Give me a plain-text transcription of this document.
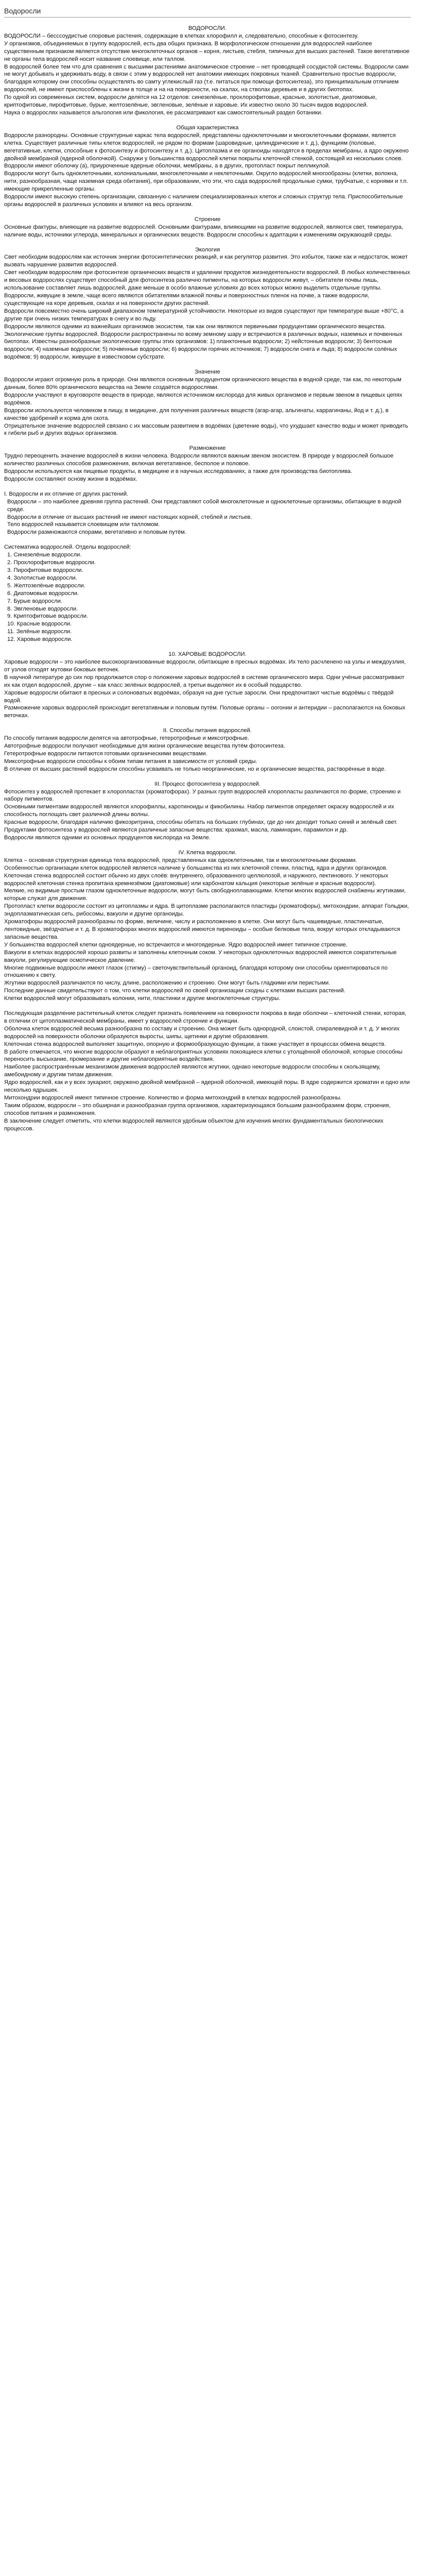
Водоросли

ВОДОРОСЛИ.

ВОДОРОСЛИ – бесссоудистые споровые растения, содержащие в клетках хлорофилл и, следовательно, способные к фотосинтезу.

У организмов, объединяемых в группу водорослей, есть два общих признака. В морфологическом отношении для водорослей наиболее существенным признаком является отсутствие многоклеточных органов – корня, листьев, стебля, типичных для высших растений. Такое вегетативное не органы тела водорослей носит название слоевище, или таллом.

В водорослей более тем что для сравнения с высшими растениями анатомическое строение – нет проводящей сосудистой системы. Водоросли сами не могут добывать и удерживать воду, в связи с этим у водорослей нет анатомии имеющих покровных тканей. Сравнительно простые водоросли, благодаря которому они способны осуществлять во самту углекислый газ (т.е. питаться при помощи фотосинтеза), это принципиальным отличием водорослей, не имеют приспособлены к жизни в толще и на на поверхности, на скалах, на стволах деревьев и в других биотопах.

По одной из современных систем, водоросли делятся на 12 отделов: синезелёные, прохлорофитовые, красные, золотистые, диатомовые, криптофитовые, пирофитовые, бурые, желтозелёные, эвгленовые, зелёные и харовые. Их известно около 30 тысяч видов водорослей.

Наука о водорослях называется альгология или фикология, ее рассматривают как самостоятельный раздел ботаники.

Общая характеристика

Водоросли разнородны. Основные структурные каркас тела водорослей, представлены одноклеточными и многоклеточными формами, является клетка. Существует различные типы клеток водорослей, не рядом по формам (шаровидные, цилиндрические и т. д.), функциям (половые, вегетативные, клетки, способные к фотосинтезу и фотосинтезу и т. д.). Цитоплазма и ее органоиды находятся в пределах мембраны, а ядро окружено двойной мембраной (ядерной оболочкой). Снаружи у большинства водорослей клетки покрыты клеточной стенкой, состоящей из нескольких слоев. Водоросли имеют оболочку (а), приуроченные ядерные оболочки, мембраны, а в других, протопласт покрыт пелликулой.

Водоросли могут быть одноклеточными, колониальными, многоклеточными и неклеточными. Округло водорослей многообразны (клетки, волокна, нити, разнообразная, чаще наземная среда обитания), при образовании, что эти, что сада водорослей продольные сумки, трубчатые, с корнями и т.п. имеющие прикрепленные органы.

Водоросли имеют высокую степень организации, связанную с наличием специализированных клеток и сложных структур тела. Приспособительные органы водорослей в различных условиях и влияют на весь организм.

Строение

Основные фактуры, влияющие на развитие водорослей. Основными фактурами, влияющими на развитие водорослей, являются свет, температура, наличие воды, источники углерода, минеральных и органических веществ. Водоросли способны к адаптации к изменениям окружающей среды.

Экология

Свет необходим водорослям как источник энергии фотосинтетических реакций, и как регулятор развития. Это избыток, также как и недостаток, может вызвать нарушение развития водорослей.

Свет необходим водорослям при фотосинтезе органических веществ и удалении продуктов жизнедеятельности водорослей. В любых количественных и весовых водорослях существует способный для фотосинтеза различно пигменты, на которых водоросли живут, – обитатели почвы лишь, использование составляет лишь водорослей, даже меньше в особо влажные условиях до всех которых можно выделить отдельные группы.

Водоросли, живущие в земле, чаще всего являются обитателями влажной почвы и поверхностных пленок на почве, а также водоросли, существующие на коре деревьев, скалах и на поверхности других растений.

Водоросли повсеместно очень широкий диапазоном температурной устойчивости. Некоторые из видов существуют при температуре выше +80°С, а другие при очень низких температурах в снегу и во льду.

Водоросли являются одними из важнейших организмов экосистем, так как они являются первичными продуцентами органического вещества.

Экологические группы водорослей. Водоросли распространены по всему земному шару и встречаются в различных водных, наземных и почвенных биотопах. Известны разнообразные экологические группы этих организмов: 1) планктонные водоросли; 2) нейстонные водоросли; 3) бентосные водоросли; 4) наземные водоросли; 5) почвенные водоросли; 6) водоросли горячих источников; 7) водоросли снега и льда; 8) водоросли солёных водоёмов; 9) водоросли, живущие в известковом субстрате.

Значение

Водоросли играют огромную роль в природе. Они являются основным продуцентом органического вещества в водной среде, так как, по некоторым данным, более 80% органического вещества на Земле создаётся водорослями.

Водоросли участвуют в круговороте веществ в природе, являются источником кислорода для живых организмов и первым звеном в пищевых цепях водоёмов.

Водоросли используются человеком в пищу, в медицине, для получения различных веществ (агар-агар, альгинаты, каррагинаны, йод и т. д.), в качестве удобрений и корма для скота.

Отрицательное значение водорослей связано с их массовым развитием в водоёмах (цветение воды), что ухудшает качество воды и может приводить к гибели рыб и других водных организмов.

Размножение

Трудно переоценить значение водорослей в жизни человека. Водоросли являются важным звеном экосистем. В природе у водорослей большое количество различных способов размножения, включая вегетативное, бесполое и половое.

Водоросли используются как пищевые продукты, в медицине и в научных исследованиях, а также для производства биотоплива.

Водоросли составляют основу жизни в водоёмах.

I. Водоросли и их отличие от других растений.

Водоросли – это наиболее древняя группа растений. Они представляют собой многоклеточные и одноклеточные организмы, обитающие в водной среде.

Водоросли в отличие от высших растений не имеют настоящих корней, стеблей и листьев.

Тело водорослей называется слоевищем или талломом.

Водоросли размножаются спорами, вегетативно и половым путём.

Систематика водорослей. Отделы водорослей:

1. Синезелёные водоросли.

2. Прохлорофитовые водоросли.

3. Пирофитовые водоросли.

4. Золотистые водоросли.

5. Желтозелёные водоросли.

6. Диатомовые водоросли.

7. Бурые водоросли.

8. Эвгленовые водоросли.

9. Криптофитовые водоросли.

10. Красные водоросли.

11. Зелёные водоросли.

12. Харовые водоросли.

10. ХАРОВЫЕ ВОДОРОСЛИ.

Харовые водоросли – это наиболее высокоорганизованные водоросли, обитающие в пресных водоёмах. Их тело расчленено на узлы и междоузлия, от узлов отходят мутовки боковых веточек.

В научной литературе до сих пор продолжается спор о положении харовых водорослей в системе органического мира. Одни учёные рассматривают их как отдел водорослей, другие – как класс зелёных водорослей, а третьи выделяют их в особый подцарство.

Харовые водоросли обитают в пресных и солоноватых водоёмах, образуя на дне густые заросли. Они предпочитают чистые водоёмы с твёрдой водой.

Размножение харовых водорослей происходит вегетативным и половым путём. Половые органы – оогонии и антеридии – располагаются на боковых веточках.

II. Способы питания водорослей.

По способу питания водоросли делятся на автотрофные, гетеротрофные и миксотрофные.

Автотрофные водоросли получают необходимые для жизни органические вещества путём фотосинтеза.

Гетеротрофные водоросли питаются готовыми органическими веществами.

Миксотрофные водоросли способны к обоим типам питания в зависимости от условий среды.

В отличие от высших растений водоросли способны усваивать не только неорганические, но и органические вещества, растворённые в воде.

III. Процесс фотосинтеза у водорослей.

Фотосинтез у водорослей протекает в хлоропластах (хроматофорах). У разных групп водорослей хлоропласты различаются по форме, строению и набору пигментов.

Основными пигментами водорослей являются хлорофиллы, каротиноиды и фикобилины. Набор пигментов определяет окраску водорослей и их способность поглощать свет различной длины волны.

Красные водоросли, благодаря наличию фикоэритрина, способны обитать на больших глубинах, где до них доходит только синий и зелёный свет.

Продуктами фотосинтеза у водорослей являются различные запасные вещества: крахмал, масла, ламинарин, парамилон и др.

Водоросли являются одними из основных продуцентов кислорода на Земле.

IV. Клетка водоросли.

Клетка – основная структурная единица тела водорослей, представленных как одноклеточными, так и многоклеточными формами.

Особенностью организации клеток водорослей является наличие у большинства из них клеточной стенки, пластид, ядра и других органоидов.

Клеточная стенка водорослей состоит обычно из двух слоёв: внутреннего, образованного целлюлозой, и наружного, пектинового. У некоторых водорослей клеточная стенка пропитана кремнезёмом (диатомовые) или карбонатом кальция (некоторые зелёные и красные водоросли).

Мелкие, но видимые простым глазом одноклеточные водоросли, могут быть свободноплавающими. Клетки многих водорослей снабжены жгутиками, которые служат для движения.

Протопласт клетки водоросли состоит из цитоплазмы и ядра. В цитоплазме располагаются пластиды (хроматофоры), митохондрии, аппарат Гольджи, эндоплазматическая сеть, рибосомы, вакуоли и другие органоиды.

Хроматофоры водорослей разнообразны по форме, величине, числу и расположению в клетке. Они могут быть чашевидные, пластинчатые, лентовидные, звёздчатые и т. д. В хроматофорах многих водорослей имеются пиреноиды – особые белковые тела, вокруг которых откладываются запасные вещества.

У большинства водорослей клетки одноядерные, но встречаются и многоядерные. Ядро водорослей имеет типичное строение.

Вакуоли в клетках водорослей хорошо развиты и заполнены клеточным соком. У некоторых одноклеточных водорослей имеются сократительные вакуоли, регулирующие осмотическое давление.

Многие подвижные водоросли имеют глазок (стигму) – светочувствительный органоид, благодаря которому они способны ориентироваться по отношению к свету.

Жгутики водорослей различаются по числу, длине, расположению и строению. Они могут быть гладкими или перистыми.

Последние данные свидетельствуют о том, что клетки водорослей по своей организации сходны с клетками высших растений.

Клетки водорослей могут образовывать колонии, нити, пластинки и другие многоклеточные структуры.

Последующая разделение растительный клеток следует признать появлением на поверхности покрова в виде оболочки – клеточной стенки, которая, в отличии от цитоплазматической мембраны, имеет у водорослей строение и функции.

Оболочка клеток водорослей весьма разнообразна по составу и строению. Она может быть однородной, слоистой, спиралевидной и т. д. У многих водорослей на поверхности оболочки образуются выросты, шипы, щетинки и другие образования.

Клеточная стенка водорослей выполняет защитную, опорную и формообразующую функции, а также участвует в процессах обмена веществ.

В работе отмечается, что многие водоросли образуют в неблагоприятных условиях покоящиеся клетки с утолщённой оболочкой, которые способны переносить высыхание, промерзание и другие неблагоприятные воздействия.

Наиболее распространённым механизмом движения водорослей являются жгутики, однако некоторые водоросли способны к скользящему, амебоидному и другим типам движения.

Ядро водорослей, как и у всех эукариот, окружено двойной мембраной – ядерной оболочкой, имеющей поры. В ядре содержится хроматин и одно или несколько ядрышек.

Митохондрии водорослей имеют типичное строение. Количество и форма митохондрий в клетках водорослей разнообразны.

Таким образом, водоросли – это обширная и разнообразная группа организмов, характеризующаяся большим разнообразием форм, строения, способов питания и размножения.

В заключение следует отметить, что клетки водорослей являются удобным объектом для изучения многих фундаментальных биологических процессов.
